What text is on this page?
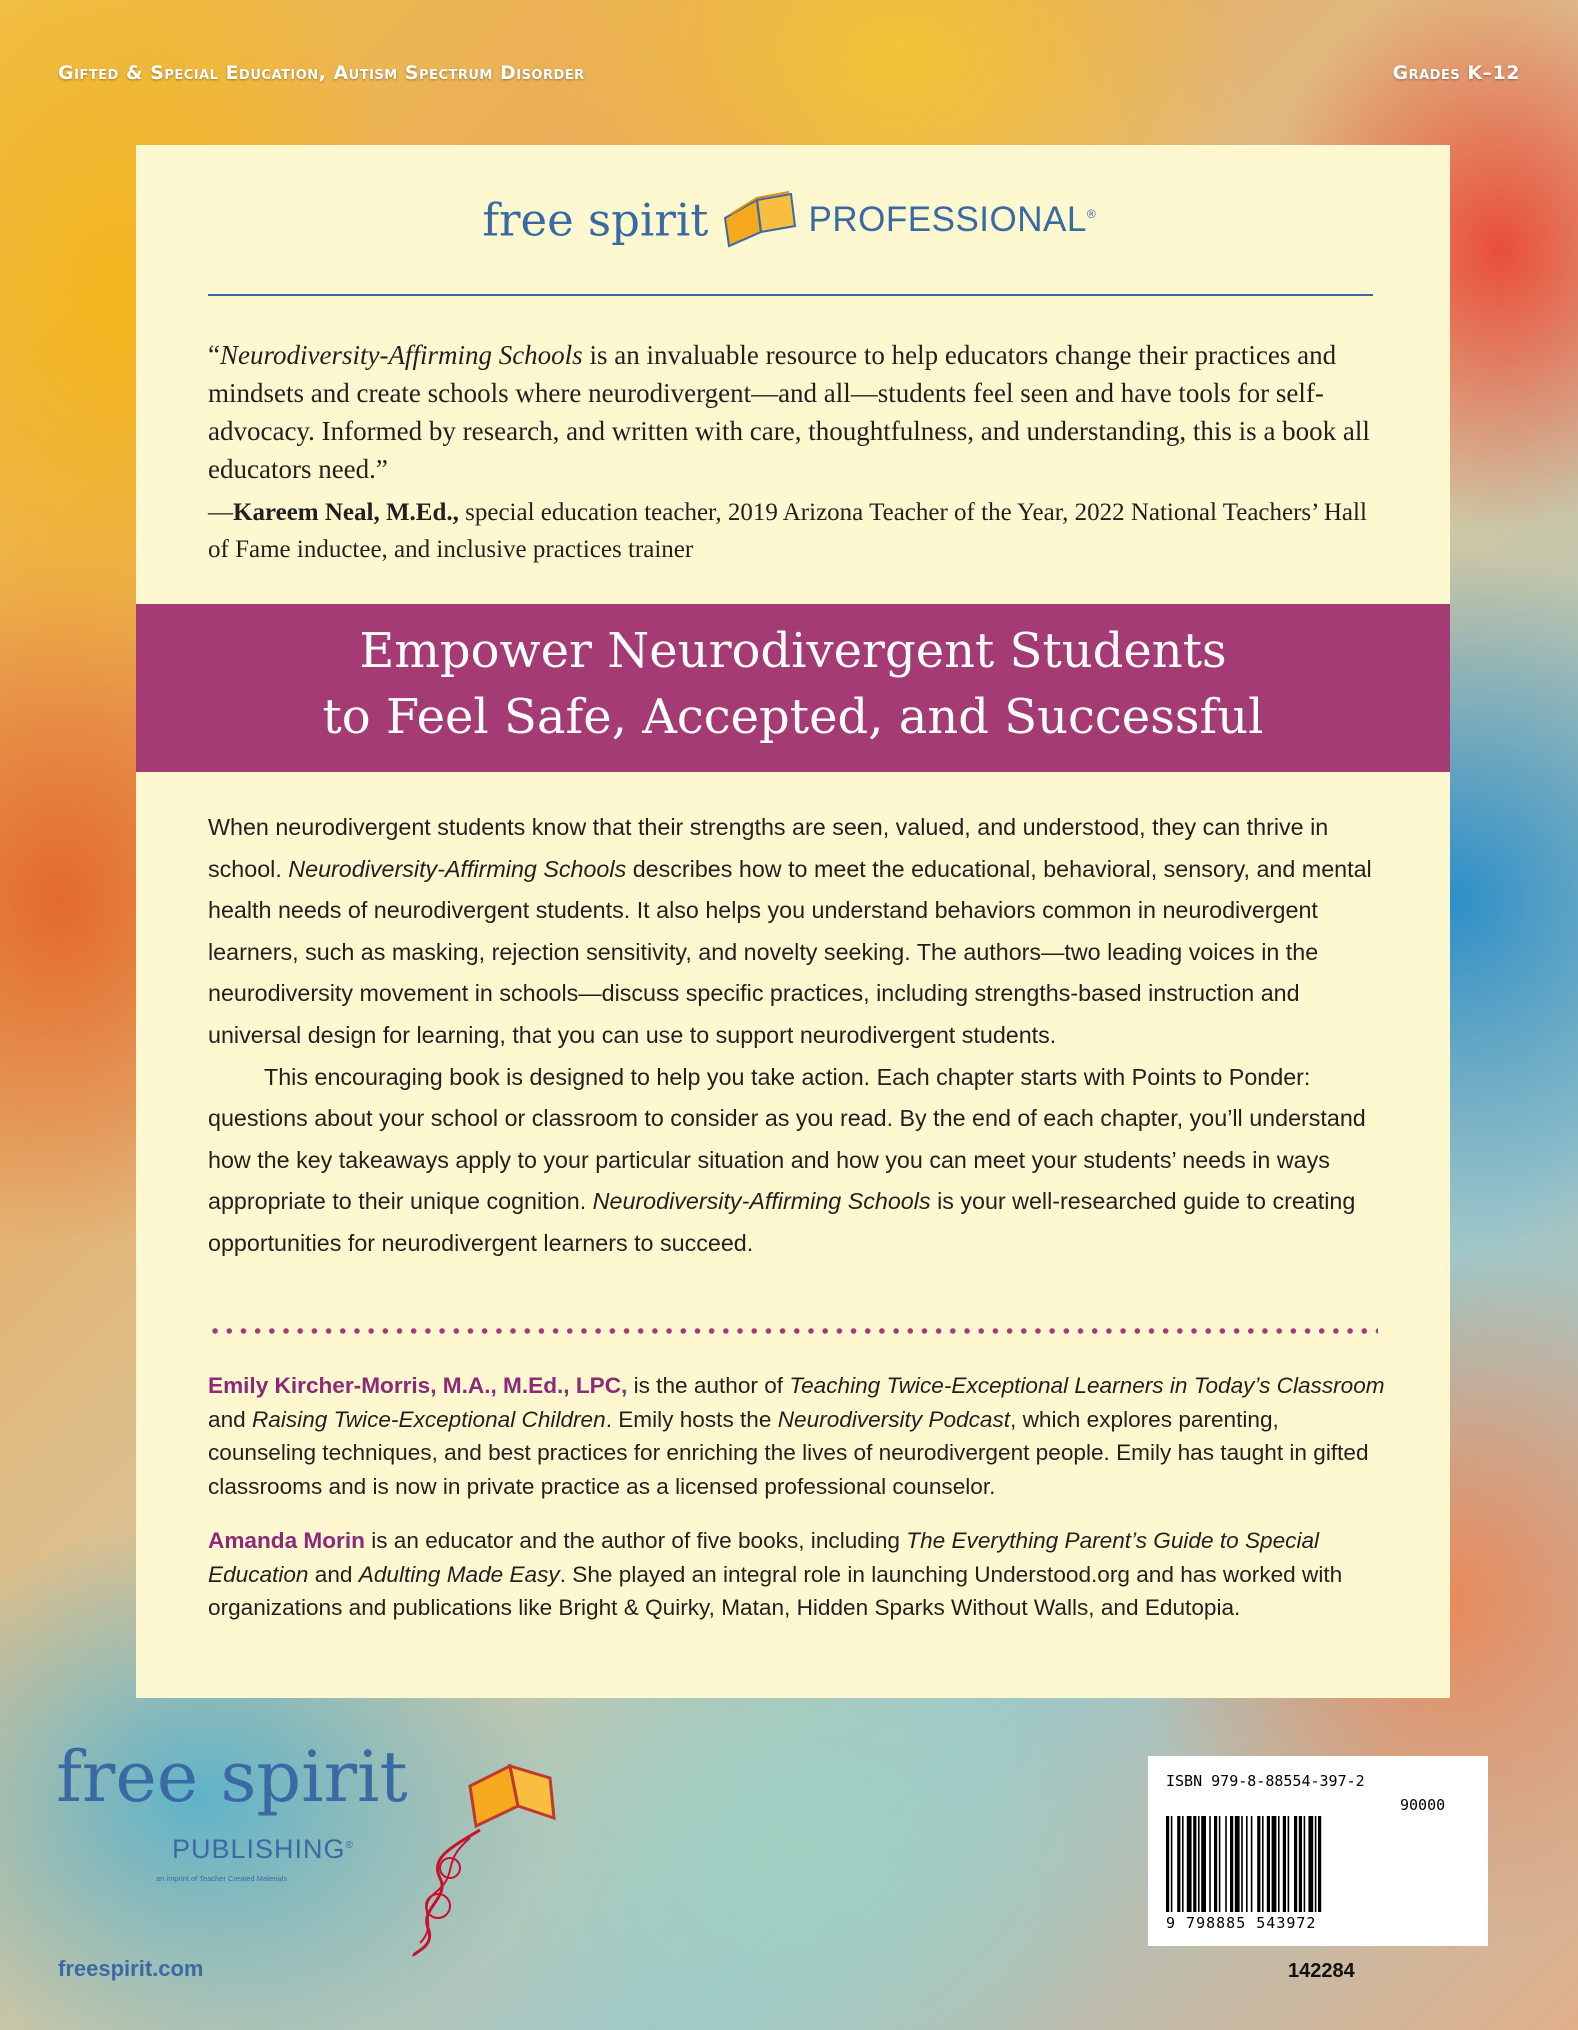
Gifted & Special Education, Autism Spectrum Disorder	Grades K–12
free spirit	PROFESSIONAL®
“Neurodiversity-Affirming Schools is an invaluable resource to help educators change their practices and mindsets and create schools where neurodivergent—and all—students feel seen and have tools for self-advocacy. Informed by research, and written with care, thoughtfulness, and understanding, this is a book all educators need.”
—Kareem Neal, M.Ed., special education teacher, 2019 Arizona Teacher of the Year, 2022 National Teachers’ Hall of Fame inductee, and inclusive practices trainer
Empower Neurodivergent Students
to Feel Safe, Accepted, and Successful

When neurodivergent students know that their strengths are seen, valued, and understood, they can thrive in school. Neurodiversity-Affirming Schools describes how to meet the educational, behavioral, sensory, and mental health needs of neurodivergent students. It also helps you understand behaviors common in neurodivergent learners, such as masking, rejection sensitivity, and novelty seeking. The authors—two leading voices in the neurodiversity movement in schools—discuss specific practices, including strengths-based instruction and universal design for learning, that you can use to support neurodivergent students.

This encouraging book is designed to help you take action. Each chapter starts with Points to Ponder: questions about your school or classroom to consider as you read. By the end of each chapter, you’ll understand how the key takeaways apply to your particular situation and how you can meet your students’ needs in ways appropriate to their unique cognition. Neurodiversity-Affirming Schools is your well-researched guide to creating opportunities for neurodivergent learners to succeed.

Emily Kircher-Morris, M.A., M.Ed., LPC, is the author of Teaching Twice-Exceptional Learners in Today’s Classroom and Raising Twice-Exceptional Children. Emily hosts the Neurodiversity Podcast, which explores parenting, counseling techniques, and best practices for enriching the lives of neurodivergent people. Emily has taught in gifted classrooms and is now in private practice as a licensed professional counselor.

Amanda Morin is an educator and the author of five books, including The Everything Parent’s Guide to Special Education and Adulting Made Easy. She played an integral role in launching Understood.org and has worked with organizations and publications like Bright & Quirky, Matan, Hidden Sparks Without Walls, and Edutopia.

free spirit
PUBLISHING®
an imprint of Teacher Created Materials
freespirit.com
ISBN 979-8-88554-397-2
90000
9 798885 543972
142284
